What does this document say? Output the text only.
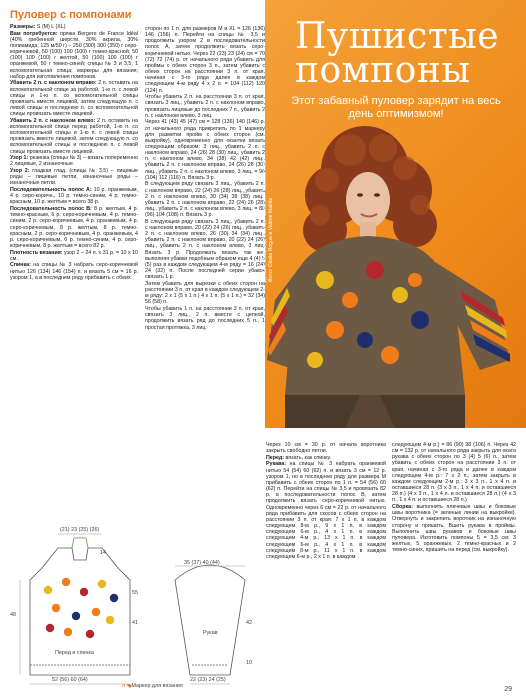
Пуловер с помпонами

Размеры: S (M) L (XL)

Вам потребуется: пряжа Bergere de France Idéal (40% гребенной шерсти, 30% акрила, 30% полиамида; 125 м/50 г) – 250 (300) 300 (350) г серо-коричневой, 50 (100) 100 (100) г темно-красной, 50 (100) 100 (100) г желтой, 50 (100) 100 (100) г оранжевой, 50 г темно-синей; спицы № 3 и 3,5; 1 вспомогательная спица; маркеры для вязания; набор для изготовления помпонов.

Убавить 2 п. с наклоном вправо: 2 п. оставить на вспомогательной спице за работой, 1-ю п. с левой спицы и 1-ю п. со вспомогательной спицы провязать вместе лицевой, затем следующую п. с левой спицы и последнюю п. со вспомогательной спицы провязать вместе лицевой.

Убавить 2 п. с наклоном влево: 2 п. оставить на вспомогательной спице перед работой, 1-ю п. со вспомогательной спицы и 1-ю п. с левой спицы провязать вместе лицевой, затем следующую п. со вспомогательной спицы и последнюю п. с левой спицы провязать вместе лицевой.

Узор 1: резинка (спицы № 3) – вязать попеременно 2 лицевые, 2 изнаночные.

Узор 2: гладкая глад. (спицы № 3,5) – лицевые ряды – лицевые петли, изнаночные ряды – изнаночные петли.

Последовательность полос А: 10 р. оранжевым, 4 р. серо-коричн., 10 р. темно-синим, 4 р. темно-красным, 10 р. желтым = всего 38 р.

Последовательность полос В: 8 р. желтым, 4 р. темно-красным, 6 р. серо-коричневым, 4 р. темно-синим, 2 р. серо-коричневым, 4 р. оранжевым, 4 р. серо-коричневым, 8 р. желтым, 8 р. темно-красным, 2 р. серо-коричневым, 4 р. оранжевым, 4 р. серо-коричневым, 6 р. темно-синим, 4 р. серо-коричневым, 8 р. желтым = всего 82 р.

Плотность вязания: узор 2 – 24 п. х 31 р. = 10 х 10 см.

Спинка: на спицы № 3 набрать серо-коричневой нитью 126 (134) 146 (154) п. и вязать 5 см = 16 р. узором 1, а в последнем ряду прибавить с обеих

сторон по 1 п. для размеров M и XL = 126 (136) 146 (156) п. Перейти на спицы № 3,5 и продолжить узором 2 в последовательности полос А, затем продолжить вязать серо-коричневой нитью. Через 22 (23) 23 (24) см = 70 (72) 72 (74) р. от начального ряда убавить для проймы с обеих сторон 3 п., затем убавить с обеих сторон на расстоянии 3 п. от края, начиная с 3-го ряда далее в каждом следующем 4-м ряду 4 х 2 п. = 104 (112) 120 (124) п.

Чтобы убавить 2 п. на расстоянии 3 п. от края, связать 3 лиц., убавить 2 п. с наклоном вправо, провязать лицевые до последних 7 п., убавить 2 п. с наклоном влево, 3 лиц.

Через 41 (43) 45 (47) см = 128 (136) 140 (146) р. от начального ряда прикрепить по 1 маркеру для разметки пройм с обеих сторон (см. выкройку), одновременно для окантки вязать следующим образом: 3 лиц., убавить 2 п. с наклоном вправо, 24 (26) 28 (30) лиц., убавить 2 п. с наклоном влево, 34 (38) 42 (42) лиц., убавить 2 п. с наклоном вправо, 24 (26) 28 (30) лиц., убавить 2 п. с наклоном влево, 3 лиц. = 96 (104) 112 (116) п. Вязать 3 р.

В следующем ряду связать 3 лиц., убавить 2 п. с наклоном вправо, 22 (24) 26 (28) лиц., убавить 2 п. с наклоном влево, 30 (34) 38 (38) лиц., убавить 2 п. с наклоном вправо, 22 (24) 26 (28) лиц., убавить 2 п. с наклоном влево, 3 лиц. = 88 (96) 104 (108) п. Вязать 3 р.

В следующем ряду связать 3 лиц., убавить 2 п. с наклоном вправо, 20 (22) 24 (26) лиц., убавить 2 п. с наклоном влево, 26 (30) 34 (34) лиц., убавить 2 п. с наклоном вправо, 20 (22) 24 (26) лиц., убавить 2 п. с наклоном влево, 3 лиц. Вязать 3 р. Продолжать вязать так же, выполняя убавки подобным образом еще 4 (4) 5 (5) раз в каждом следующем 4-м ряду = 16 (24) 24 (32) п. После последней серии убавок связать 1 р.

Затем убавить для вырезки с обеих сторон на расстоянии 3 п. от края в каждом следующем 2-м ряду: 2 х 1 (5 х 1 п.) 4 х 1 п. (5 х 1 п.) = 32 (34) 56 (58) п.

Чтобы убавить 1 п. на расстоянии 3 п. от края, связать 3 лиц., 2 п. вместе с цепной, продолжить вязать ряд до последних 5 п., 1 простая протяжка, 3 лиц.

Пушистые
помпоны
Этот забавный пуловер зарядит на весь день оптимизмом!
Дизайн: Вейрм де Фонты. Ассистент: Caroline Petit. Фото: Cécile Rogue и Valérie Malitte
(21) 23 (25) (26)
14
Перед и спинка
52 (56) 60 (64)
48
55
41
35 (37) 40 (44)
Рукав
42
10
22 (23) 24 (25)
σ = Маркер для вязания

Через 10 см = 30 р. от начала воротника закрыть свободно петли.

Перед: вязать, как спинку.

Рукава: на спицы № 3 набрать оранжевой нитью 54 (54) 60 (62) п. и вязать 3 см = 12 р. узором 1, но в последнем ряду для размера M прибавить с обеих сторон по 1 п. = 54 (56) 60 (62) п. Перейти на спицы № 3,5 и провязать 82 р. в последовательности полос В, затем продолжить вязать серо-коричневой нитью. Одновременно через 6 см = 22 р. от начального ряда прибавить для скосов с обеих сторон на расстоянии 3 п. от края: 7 х 1 п. в каждом следующем 8-м р., 9 х 1 п. в каждом следующем 6-м р., 4 х 1 п. в каждом следующем 4-м р., 13 х 1 п. в каждом следующем 6-м р., 4 х 1 п. в каждом следующем 8-м р., 11 х 1 п. в каждом следующем 6-м р., 2 х 1 п. в каждом

следующем 4-м р.) = 86 (90) 98 (106) п. Через 42 см = 132 р. от начального ряда закрыть для оката рукава с обеих сторон по 3 (4) 5 (6) п., затем убавить с обеих сторон на расстоянии 3 п. от края, начиная с 3-го ряда и далее в каждом следующем 4-м р.: 7 х 2 п.; затем закрыть в каждом следующем 2-м р.: 3 х 3 п., 1 х 4 п. и оставшиеся 28 п. (3 х 3 п., 1 х 4 п. и оставшиеся 28 п.) (4 х 3 п., 1 х 4 п. и оставшиеся 28 п.) (4 х 3 п., 1 х 4 п. и оставшиеся 28 п.)

Сборка: выполнить плечевые швы и боковые швы воротника (= зеленые линии на выкройке). Отвернуть и закрепить воротник на изнаночную сторону и пришить. Вшить рукава в проймы. Выполнить швы рукавов и боковые швы пуловера. Изготовить помпоны 5 = 3,5 см: 3 желтых, 5 оранжевых, 2 темно-красных и 2 темно-синих, пришить на перед (см. выкройку).

29
